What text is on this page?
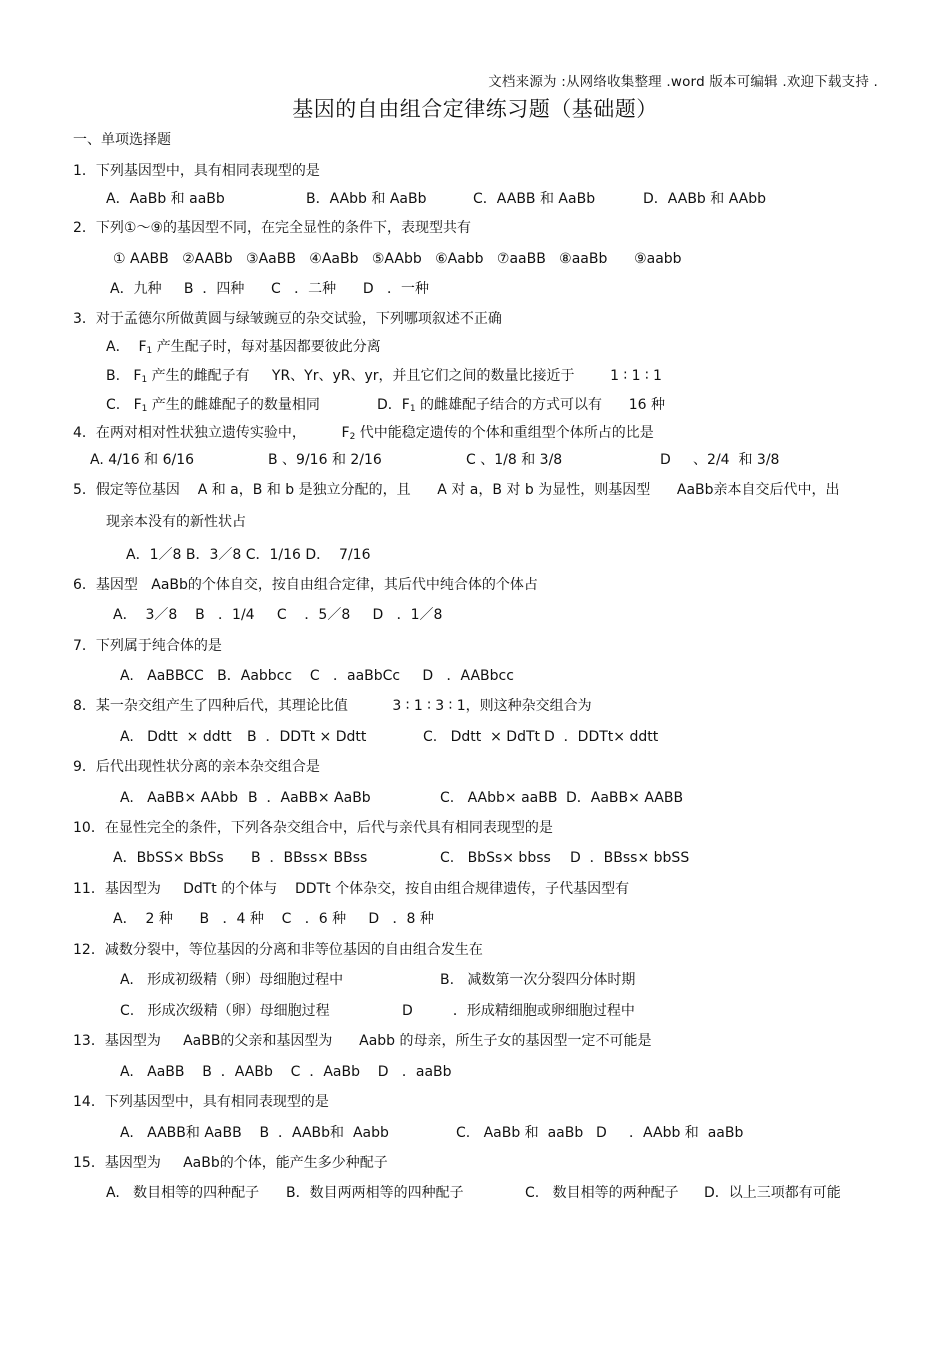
文档来源为 :从网络收集整理 .word 版本可编辑 .欢迎下载支持 .
基因的自由组合定律练习题（基础题）
一、单项选择题
1．下列基因型中，具有相同表现型的是
A．AaBb 和 aaBb	B．AAbb 和 AaBb	C．AABB 和 AaBb	D．AABb 和 AAbb
2．下列①～⑨的基因型不同，在完全显性的条件下，表现型共有
① AABB   ②AABb   ③AaBB   ④AaBb   ⑤AAbb   ⑥Aabb   ⑦aaBB   ⑧aaBb      ⑨aabb
A．九种     B  ．四种      C   ．二种      D   ．一种
3．对于孟德尔所做黄圆与绿皱豌豆的杂交试验，下列哪项叙述不正确
A．  $F_1$ 产生配子时，每对基因都要彼此分离
B.   $F_1$ 产生的雌配子有     YR、Yr、yR、yr，并且它们之间的数量比接近于        1 ∶ 1 ∶ 1
C.   $F_1$ 产生的雌雄配子的数量相同	D．$F_1$ 的雌雄配子结合的方式可以有      16 种
4．在两对相对性状独立遗传实验中，        $F_2$ 代中能稳定遗传的个体和重组型个体所占的比是
A. 4/16 和 6/16	B 、9/16 和 2/16	C 、1/8 和 3/8	D     、2/4  和 3/8
5．假定等位基因    A 和 a，B 和 b 是独立分配的，且      A 对 a，B 对 b 为显性，则基因型      AaBb亲本自交后代中，出
现亲本没有的新性状占
A．1／8 B．3／8 C．1/16 D．  7/16
6．基因型   AaBb的个体自交，按自由组合定律，其后代中纯合体的个体占
A．  3／8    B   ．1/4     C    ．5／8     D   ．1／8
7．下列属于纯合体的是
A.   AaBBCC   B．Aabbcc    C   ．aaBbCc     D   ．AABbcc
8．某一杂交组产生了四种后代，其理论比值          3 ∶ 1 ∶ 3 ∶ 1，则这种杂交组合为
A.   Ddtt  × ddtt B  ．DDTt × Ddtt	C.   Ddtt  × DdTt D  ．DDTt× ddtt
9．后代出现性状分离的亲本杂交组合是
A.   AaBB× AAbb B  ．AaBB× AaBb	C.   AAbb× aaBB D．AaBB× AABB
10．在显性完全的条件，下列各杂交组合中，后代与亲代具有相同表现型的是
A．BbSS× BbSs B  ．BBss× BBss	C.   BbSs× bbss D  ．BBss× bbSS
11．基因型为     DdTt 的个体与    DDTt 个体杂交，按自由组合规律遗传，子代基因型有
A．  2 种      B   ．4 种    C   ．6 种     D   ．8 种
12．减数分裂中，等位基因的分离和非等位基因的自由组合发生在
A.   形成初级精（卵）母细胞过程中	B.   减数第一次分裂四分体时期
C.   形成次级精（卵）母细胞过程	D         ．形成精细胞或卵细胞过程中
13．基因型为     AaBB的父亲和基因型为      Aabb 的母亲，所生子女的基因型一定不可能是
A.   AaBB    B  ．AABb    C  ．AaBb    D   ．aaBb
14．下列基因型中，具有相同表现型的是
A.   AABB和 AaBB    B  ．AABb和  Aabb	C.   AaBb 和  aaBb D     ．AAbb 和  aaBb
15．基因型为     AaBb的个体，能产生多少种配子
A.   数目相等的四种配子 B．数目两两相等的四种配子	C.   数目相等的两种配子 D．以上三项都有可能
